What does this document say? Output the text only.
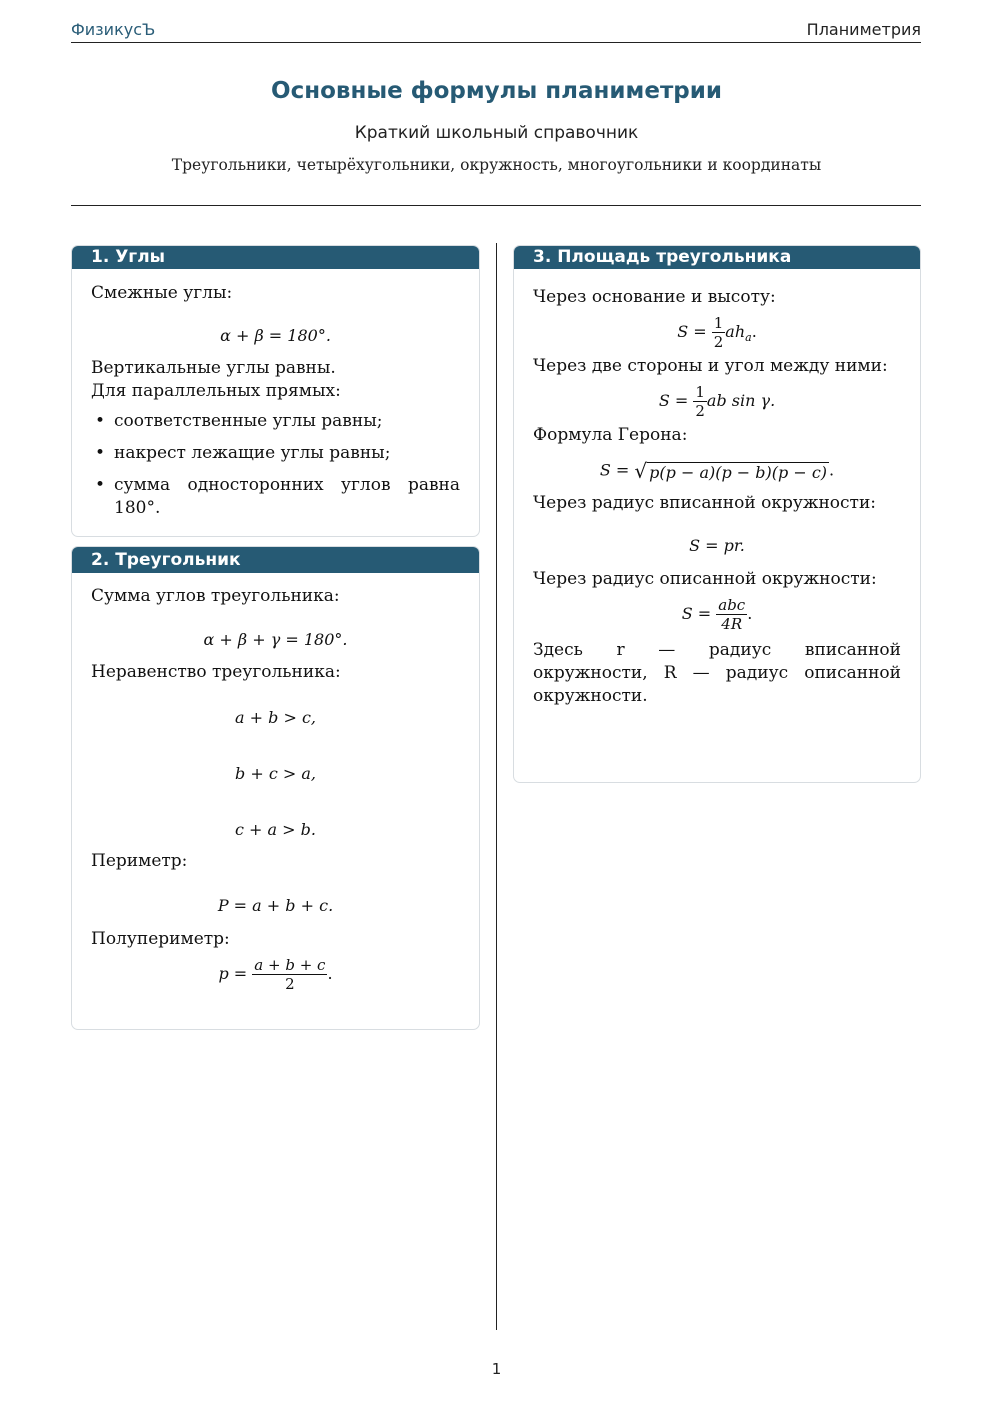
ФизикусЪ	Планиметрия
Основные формулы планиметрии
Краткий школьный справочник
Треугольники, четырёхугольники, окружность, многоугольники и координаты
1. Углы
Смежные углы:
α + β = 180°.
Вертикальные углы равны.
Для параллельных прямых:
• соответственные углы равны;
• накрест лежащие углы равны;
• сумма односторонних углов равна 180°.
2. Треугольник
Сумма углов треугольника:
α + β + γ = 180°.
Неравенство треугольника:
a + b > c,
b + c > a,
c + a > b.
Периметр:
P = a + b + c.
Полупериметр:
$p = \frac{a + b + c}{2}$ .
3. Площадь треугольника
Через основание и высоту:
$S = \frac{1}{2} ah_a$.
Через две стороны и угол между ними:
$S = \frac{1}{2}$ ab sin γ.
Формула Герона:
S = √ p(p − a)(p − b)(p − c) .
Через радиус вписанной окружности:
S = pr.
Через радиус описанной окружности:
$S = \frac{\text{abc}}{4R}$ .
Здесь r — радиус вписанной окружности, R — радиус описанной окружности.
1
